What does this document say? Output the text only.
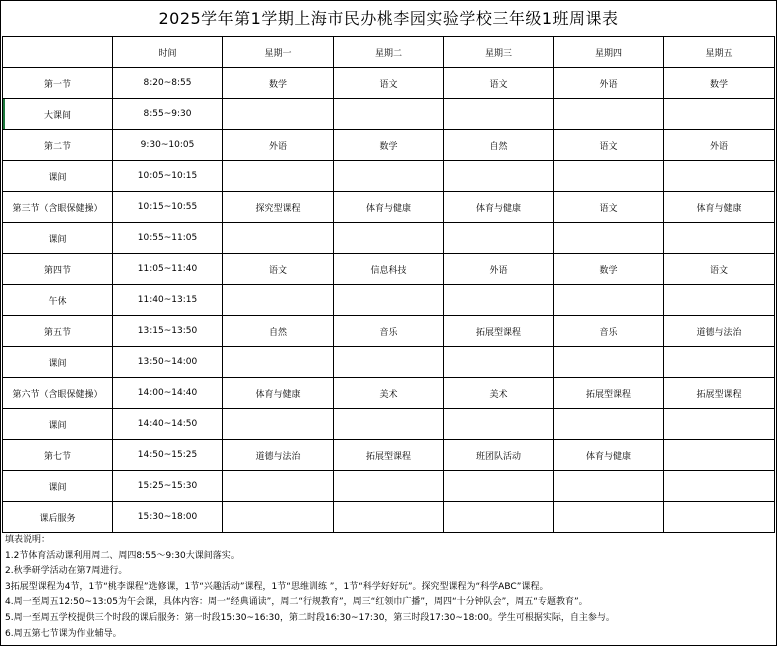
2025学年第1学期上海市民办桃李园实验学校三年级1班周课表
	时间	星期一	星期二	星期三	星期四	星期五
第一节	8:20~8:55	数学	语文	语文	外语	数学
大课间	8:55~9:30					
第二节	9:30~10:05	外语	数学	自然	语文	外语
课间	10:05~10:15					
第三节（含眼保健操）	10:15~10:55	探究型课程	体育与健康	体育与健康	语文	体育与健康
课间	10:55~11:05					
第四节	11:05~11:40	语文	信息科技	外语	数学	语文
午休	11:40~13:15					
第五节	13:15~13:50	自然	音乐	拓展型课程	音乐	道德与法治
课间	13:50~14:00					
第六节（含眼保健操）	14:00~14:40	体育与健康	美术	美术	拓展型课程	拓展型课程
课间	14:40~14:50					
第七节	14:50~15:25	道德与法治	拓展型课程	班团队活动	体育与健康	
课间	15:25~15:30					
课后服务	15:30~18:00					
填表说明：
1.2节体育活动课利用周二、周四8:55～9:30大课间落实。
2.秋季研学活动在第7周进行。
3拓展型课程为4节，1节“桃李课程”选修课，1节“兴趣活动”课程，1节“思维训练 ”，1节“科学好好玩”。探究型课程为“科学ABC”课程。
4.周一至周五12:50~13:05为午会课，具体内容：周一“经典诵读”，周二“行规教育”，周三“红领巾广播”，周四“十分钟队会”，周五“专题教育”。
5.周一至周五学校提供三个时段的课后服务：第一时段15:30~16:30，第二时段16:30~17:30，第三时段17:30~18:00。学生可根据实际，自主参与。
6.周五第七节课为作业辅导。
